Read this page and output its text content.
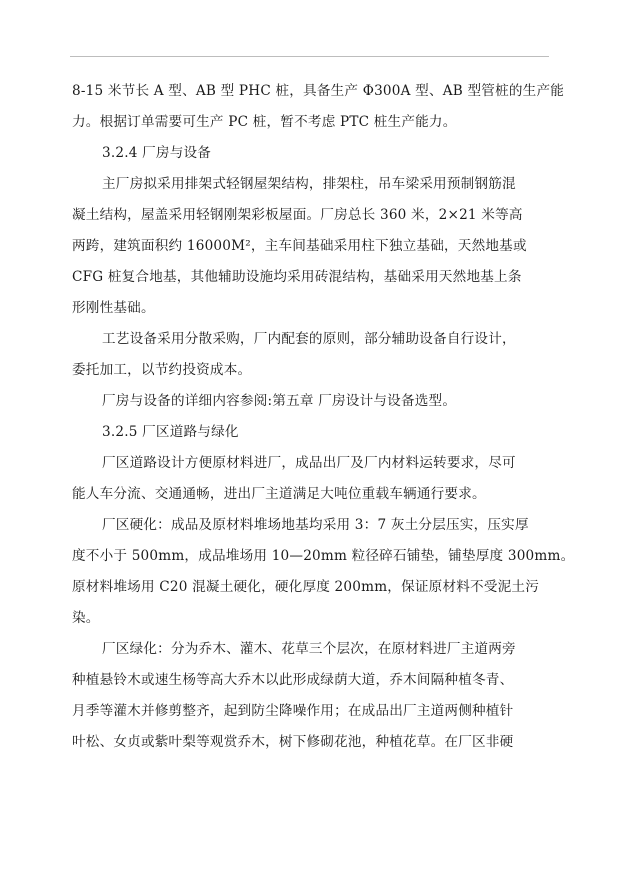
8-15 米节长 A 型、AB 型 PHC 桩，具备生产 Φ300A 型、AB 型管桩的生产能
力。根据订单需要可生产 PC 桩，暂不考虑 PTC 桩生产能力。
3.2.4 厂房与设备
主厂房拟采用排架式轻钢屋架结构，排架柱，吊车梁采用预制钢筋混
凝土结构，屋盖采用轻钢刚架彩板屋面。厂房总长 360 米，2×21 米等高
两跨，建筑面积约 16000M²，主车间基础采用柱下独立基础，天然地基或
CFG 桩复合地基，其他辅助设施均采用砖混结构，基础采用天然地基上条
形刚性基础。
工艺设备采用分散采购，厂内配套的原则，部分辅助设备自行设计，
委托加工，以节约投资成本。
厂房与设备的详细内容参阅:第五章 厂房设计与设备选型。
3.2.5 厂区道路与绿化
厂区道路设计方便原材料进厂，成品出厂及厂内材料运转要求，尽可
能人车分流、交通通畅，进出厂主道满足大吨位重载车辆通行要求。
厂区硬化：成品及原材料堆场地基均采用 3：7 灰土分层压实，压实厚
度不小于 500mm，成品堆场用 10—20mm 粒径碎石铺垫，铺垫厚度 300mm。
原材料堆场用 C20 混凝土硬化，硬化厚度 200mm，保证原材料不受泥土污
染。
厂区绿化：分为乔木、灌木、花草三个层次，在原材料进厂主道两旁
种植悬铃木或速生杨等高大乔木以此形成绿荫大道，乔木间隔种植冬青、
月季等灌木并修剪整齐，起到防尘降噪作用；在成品出厂主道两侧种植针
叶松、女贞或紫叶梨等观赏乔木，树下修砌花池，种植花草。在厂区非硬
